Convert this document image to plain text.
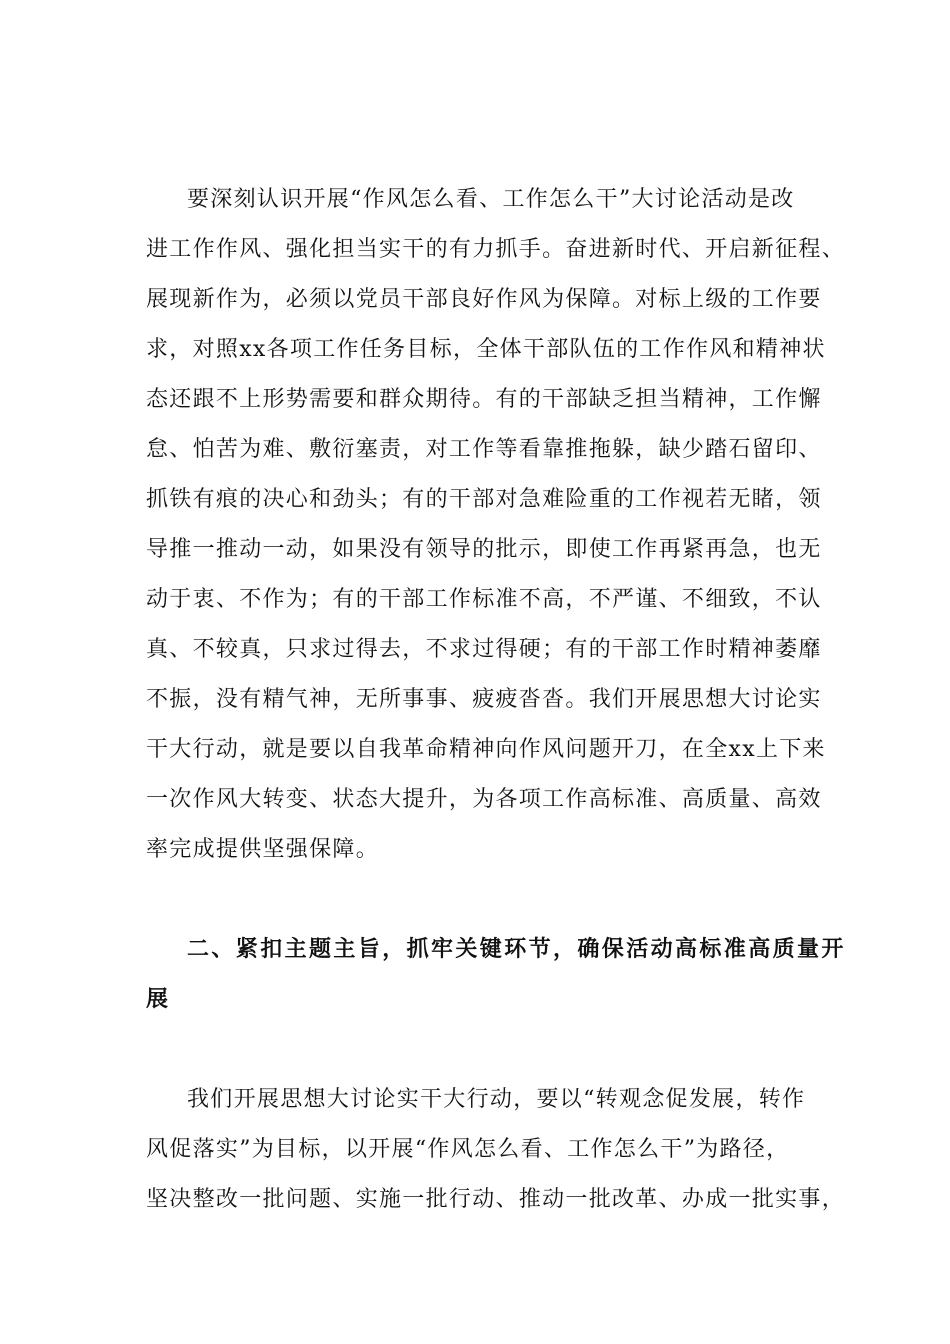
要深刻认识开展“作风怎么看、工作怎么干”大讨论活动是改
进工作作风、强化担当实干的有力抓手。奋进新时代、开启新征程、
展现新作为，必须以党员干部良好作风为保障。对标上级的工作要
求，对照xx各项工作任务目标，全体干部队伍的工作作风和精神状
态还跟不上形势需要和群众期待。有的干部缺乏担当精神，工作懈
怠、怕苦为难、敷衍塞责，对工作等看靠推拖躲，缺少踏石留印、
抓铁有痕的决心和劲头；有的干部对急难险重的工作视若无睹，领
导推一推动一动，如果没有领导的批示，即使工作再紧再急，也无
动于衷、不作为；有的干部工作标准不高，不严谨、不细致，不认
真、不较真，只求过得去，不求过得硬；有的干部工作时精神萎靡
不振，没有精气神，无所事事、疲疲沓沓。我们开展思想大讨论实
干大行动，就是要以自我革命精神向作风问题开刀，在全xx上下来
一次作风大转变、状态大提升，为各项工作高标准、高质量、高效
率完成提供坚强保障。
二、紧扣主题主旨，抓牢关键环节，确保活动高标准高质量开
展
我们开展思想大讨论实干大行动，要以“转观念促发展，转作
风促落实”为目标，以开展“作风怎么看、工作怎么干”为路径，
坚决整改一批问题、实施一批行动、推动一批改革、办成一批实事，
